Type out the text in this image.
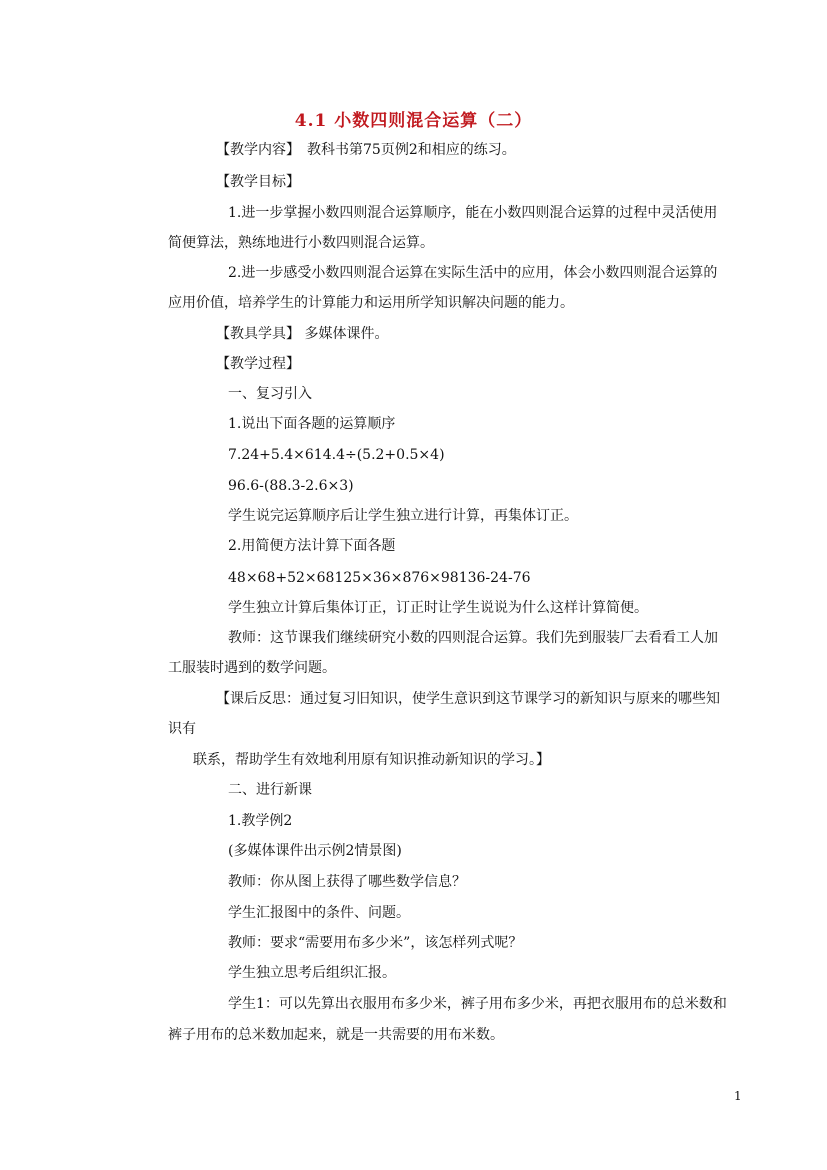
4.1 小数四则混合运算（二）
【教学内容】　教科书第75页例2和相应的练习。
【教学目标】
1.进一步掌握小数四则混合运算顺序，能在小数四则混合运算的过程中灵活使用
简便算法，熟练地进行小数四则混合运算。
2.进一步感受小数四则混合运算在实际生活中的应用，体会小数四则混合运算的
应用价值，培养学生的计算能力和运用所学知识解决问题的能力。
【教具学具】 多媒体课件。
【教学过程】
一、复习引入
1.说出下面各题的运算顺序
7.24+5.4×614.4÷(5.2+0.5×4)
96.6-(88.3-2.6×3)
学生说完运算顺序后让学生独立进行计算，再集体订正。
2.用简便方法计算下面各题
48×68+52×68125×36×876×98136-24-76
学生独立计算后集体订正，订正时让学生说说为什么这样计算简便。
教师：这节课我们继续研究小数的四则混合运算。我们先到服装厂去看看工人加
工服装时遇到的数学问题。
【课后反思：通过复习旧知识，使学生意识到这节课学习的新知识与原来的哪些知
识有
联系，帮助学生有效地利用原有知识推动新知识的学习。】
二、进行新课
1.教学例2
(多媒体课件出示例2情景图)
教师：你从图上获得了哪些数学信息？
学生汇报图中的条件、问题。
教师：要求“需要用布多少米”，该怎样列式呢？
学生独立思考后组织汇报。
学生1：可以先算出衣服用布多少米，裤子用布多少米，再把衣服用布的总米数和
裤子用布的总米数加起来，就是一共需要的用布米数。
1
